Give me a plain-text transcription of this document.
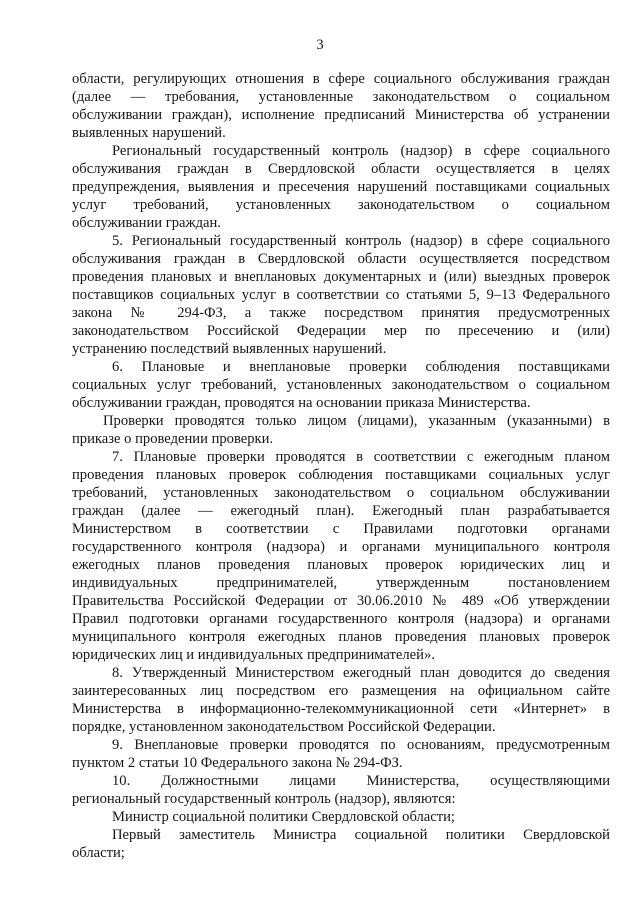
3

области, регулирующих отношения в сфере социального обслуживания граждан

(далее — требования, установленные законодательством о социальном

обслуживании граждан), исполнение предписаний Министерства об устранении

выявленных нарушений.

Региональный государственный контроль (надзор) в сфере социального

обслуживания граждан в Свердловской области осуществляется в целях

предупреждения, выявления и пресечения нарушений поставщиками социальных

услуг требований, установленных законодательством о социальном

обслуживании граждан.

5. Региональный государственный контроль (надзор) в сфере социального

обслуживания граждан в Свердловской области осуществляется посредством

проведения плановых и внеплановых документарных и (или) выездных проверок

поставщиков социальных услуг в соответствии со статьями 5, 9–13 Федерального

закона № 294-ФЗ, а также посредством принятия предусмотренных

законодательством Российской Федерации мер по пресечению и (или)

устранению последствий выявленных нарушений.

6. Плановые и внеплановые проверки соблюдения поставщиками

социальных услуг требований, установленных законодательством о социальном

обслуживании граждан, проводятся на основании приказа Министерства.

Проверки проводятся только лицом (лицами), указанным (указанными) в

приказе о проведении проверки.

7. Плановые проверки проводятся в соответствии с ежегодным планом

проведения плановых проверок соблюдения поставщиками социальных услуг

требований, установленных законодательством о социальном обслуживании

граждан (далее — ежегодный план). Ежегодный план разрабатывается

Министерством в соответствии с Правилами подготовки органами

государственного контроля (надзора) и органами муниципального контроля

ежегодных планов проведения плановых проверок юридических лиц и

индивидуальных предпринимателей, утвержденным постановлением

Правительства Российской Федерации от 30.06.2010 № 489 «Об утверждении

Правил подготовки органами государственного контроля (надзора) и органами

муниципального контроля ежегодных планов проведения плановых проверок

юридических лиц и индивидуальных предпринимателей».

8. Утвержденный Министерством ежегодный план доводится до сведения

заинтересованных лиц посредством его размещения на официальном сайте

Министерства в информационно-телекоммуникационной сети «Интернет» в

порядке, установленном законодательством Российской Федерации.

9. Внеплановые проверки проводятся по основаниям, предусмотренным

пунктом 2 статьи 10 Федерального закона № 294-ФЗ.

10. Должностными лицами Министерства, осуществляющими

региональный государственный контроль (надзор), являются:

Министр социальной политики Свердловской области;

Первый заместитель Министра социальной политики Свердловской

области;
